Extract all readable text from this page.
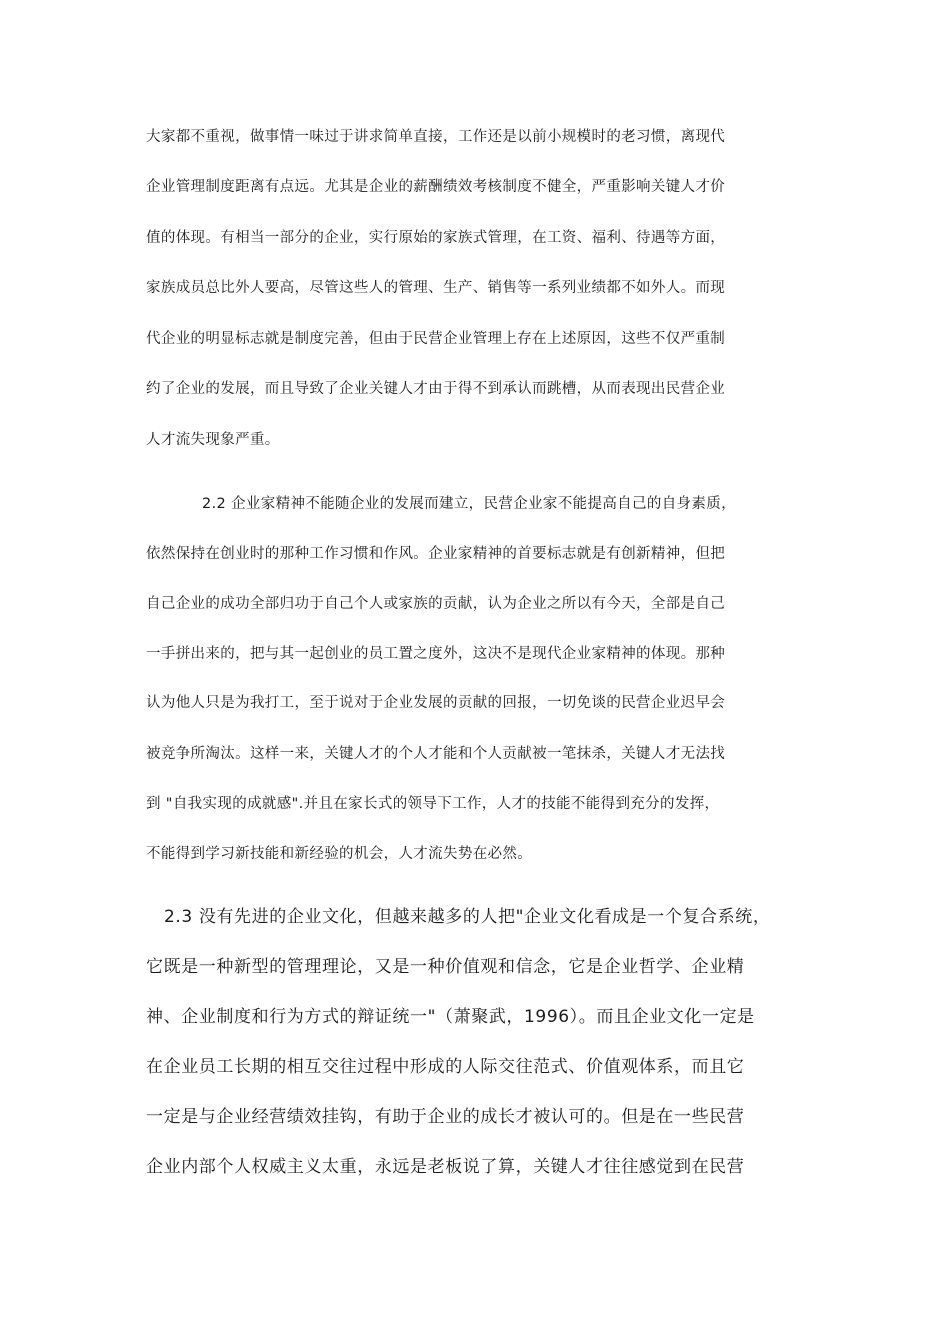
大家都不重视，做事情一味过于讲求简单直接，工作还是以前小规模时的老习惯，离现代

企业管理制度距离有点远。尤其是企业的薪酬绩效考核制度不健全，严重影响关键人才价

值的体现。有相当一部分的企业，实行原始的家族式管理，在工资、福利、待遇等方面，

家族成员总比外人要高，尽管这些人的管理、生产、销售等一系列业绩都不如外人。而现

代企业的明显标志就是制度完善，但由于民营企业管理上存在上述原因，这些不仅严重制

约了企业的发展，而且导致了企业关键人才由于得不到承认而跳槽，从而表现出民营企业

人才流失现象严重。

2.2 企业家精神不能随企业的发展而建立，民营企业家不能提高自己的自身素质，

依然保持在创业时的那种工作习惯和作风。企业家精神的首要标志就是有创新精神，但把

自己企业的成功全部归功于自己个人或家族的贡献，认为企业之所以有今天，全部是自己

一手拼出来的，把与其一起创业的员工置之度外，这决不是现代企业家精神的体现。那种

认为他人只是为我打工，至于说对于企业发展的贡献的回报，一切免谈的民营企业迟早会

被竞争所淘汰。这样一来，关键人才的个人才能和个人贡献被一笔抹杀，关键人才无法找

到 "自我实现的成就感".并且在家长式的领导下工作，人才的技能不能得到充分的发挥，

不能得到学习新技能和新经验的机会，人才流失势在必然。

2.3 没有先进的企业文化，但越来越多的人把"企业文化看成是一个复合系统，

它既是一种新型的管理理论，又是一种价值观和信念，它是企业哲学、企业精

神、企业制度和行为方式的辩证统一"（萧聚武，1996）。而且企业文化一定是

在企业员工长期的相互交往过程中形成的人际交往范式、价值观体系，而且它

一定是与企业经营绩效挂钩，有助于企业的成长才被认可的。但是在一些民营

企业内部个人权威主义太重，永远是老板说了算，关键人才往往感觉到在民营
